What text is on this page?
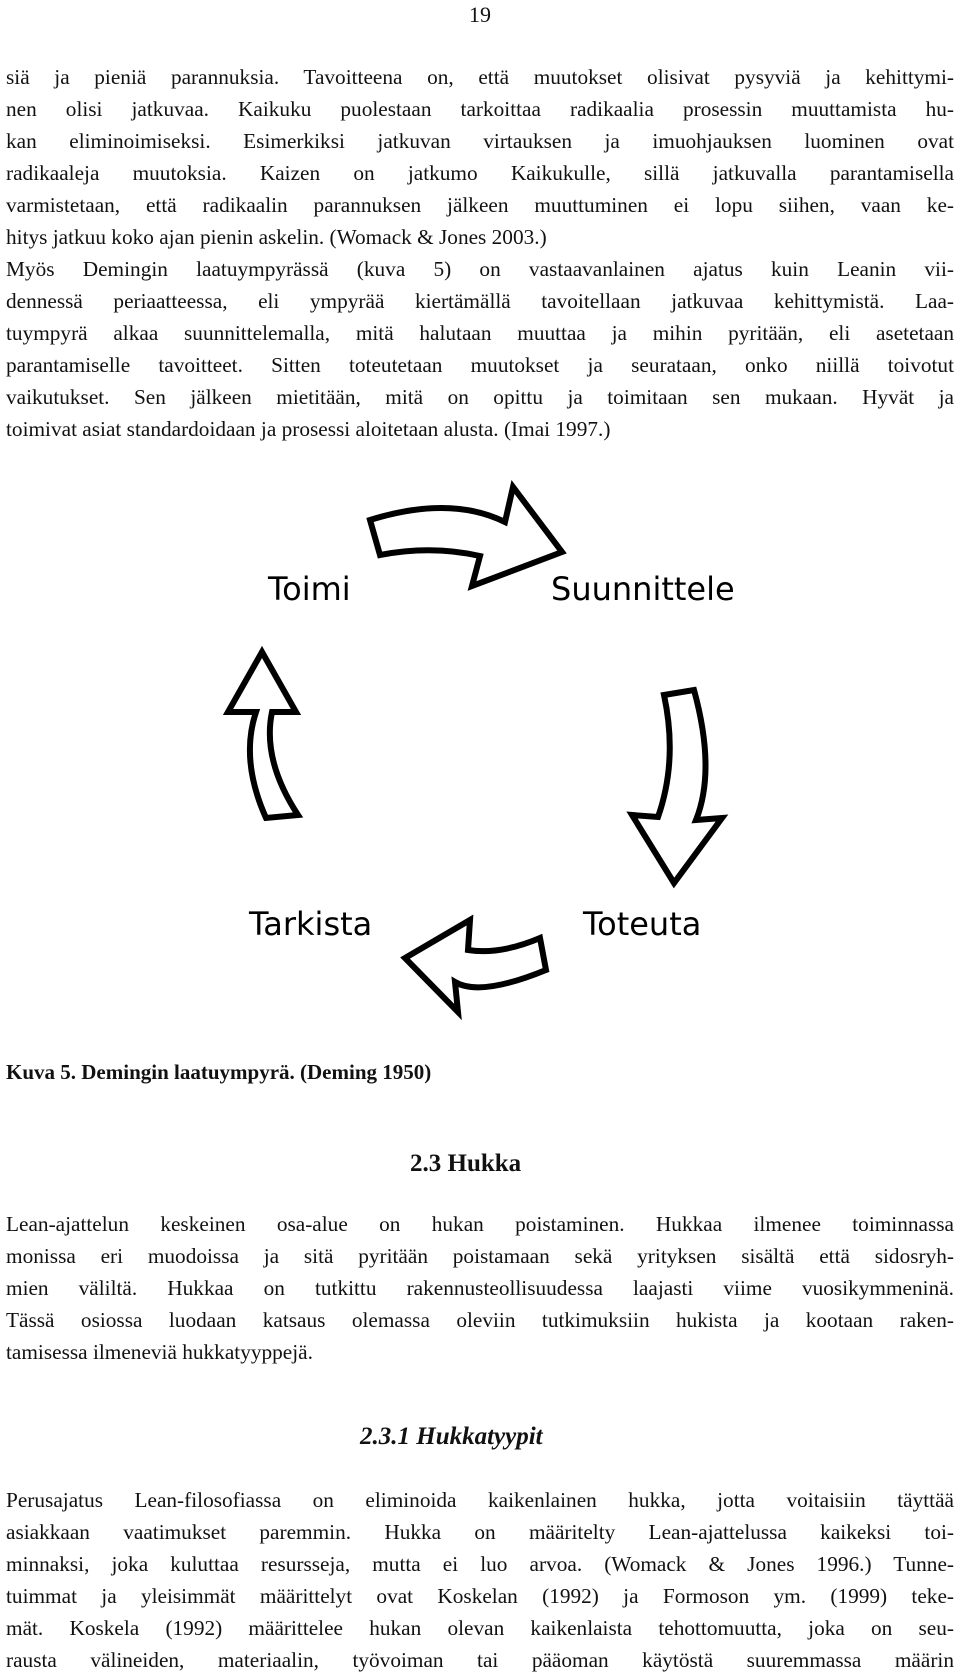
19
siä ja pieniä parannuksia. Tavoitteena on, että muutokset olisivat pysyviä ja kehittymi-
nen olisi jatkuvaa. Kaikuku puolestaan tarkoittaa radikaalia prosessin muuttamista hu-
kan eliminoimiseksi. Esimerkiksi jatkuvan virtauksen ja imuohjauksen luominen ovat
radikaaleja muutoksia. Kaizen on jatkumo Kaikukulle, sillä jatkuvalla parantamisella
varmistetaan, että radikaalin parannuksen jälkeen muuttuminen ei lopu siihen, vaan ke-
hitys jatkuu koko ajan pienin askelin. (Womack & Jones 2003.)
Myös Demingin laatuympyrässä (kuva 5) on vastaavanlainen ajatus kuin Leanin vii-
dennessä periaatteessa, eli ympyrää kiertämällä tavoitellaan jatkuvaa kehittymistä. Laa-
tuympyrä alkaa suunnittelemalla, mitä halutaan muuttaa ja mihin pyritään, eli asetetaan
parantamiselle tavoitteet. Sitten toteutetaan muutokset ja seurataan, onko niillä toivotut
vaikutukset. Sen jälkeen mietitään, mitä on opittu ja toimitaan sen mukaan. Hyvät ja
toimivat asiat standardoidaan ja prosessi aloitetaan alusta. (Imai 1997.)
Toimi	Suunnittele
Tarkista	Toteuta
Kuva 5. Demingin laatuympyrä. (Deming 1950)
2.3 Hukka
Lean-ajattelun keskeinen osa-alue on hukan poistaminen. Hukkaa ilmenee toiminnassa
monissa eri muodoissa ja sitä pyritään poistamaan sekä yrityksen sisältä että sidosryh-
mien väliltä. Hukkaa on tutkittu rakennusteollisuudessa laajasti viime vuosikymmeninä.
Tässä osiossa luodaan katsaus olemassa oleviin tutkimuksiin hukista ja kootaan raken-
tamisessa ilmeneviä hukkatyyppejä.
2.3.1 Hukkatyypit
Perusajatus Lean-filosofiassa on eliminoida kaikenlainen hukka, jotta voitaisiin täyttää
asiakkaan vaatimukset paremmin. Hukka on määritelty Lean-ajattelussa kaikeksi toi-
minnaksi, joka kuluttaa resursseja, mutta ei luo arvoa. (Womack & Jones 1996.) Tunne-
tuimmat ja yleisimmät määrittelyt ovat Koskelan (1992) ja Formoson ym. (1999) teke-
mät. Koskela (1992) määrittelee hukan olevan kaikenlaista tehottomuutta, joka on seu-
rausta välineiden, materiaalin, työvoiman tai pääoman käytöstä suuremmassa määrin
